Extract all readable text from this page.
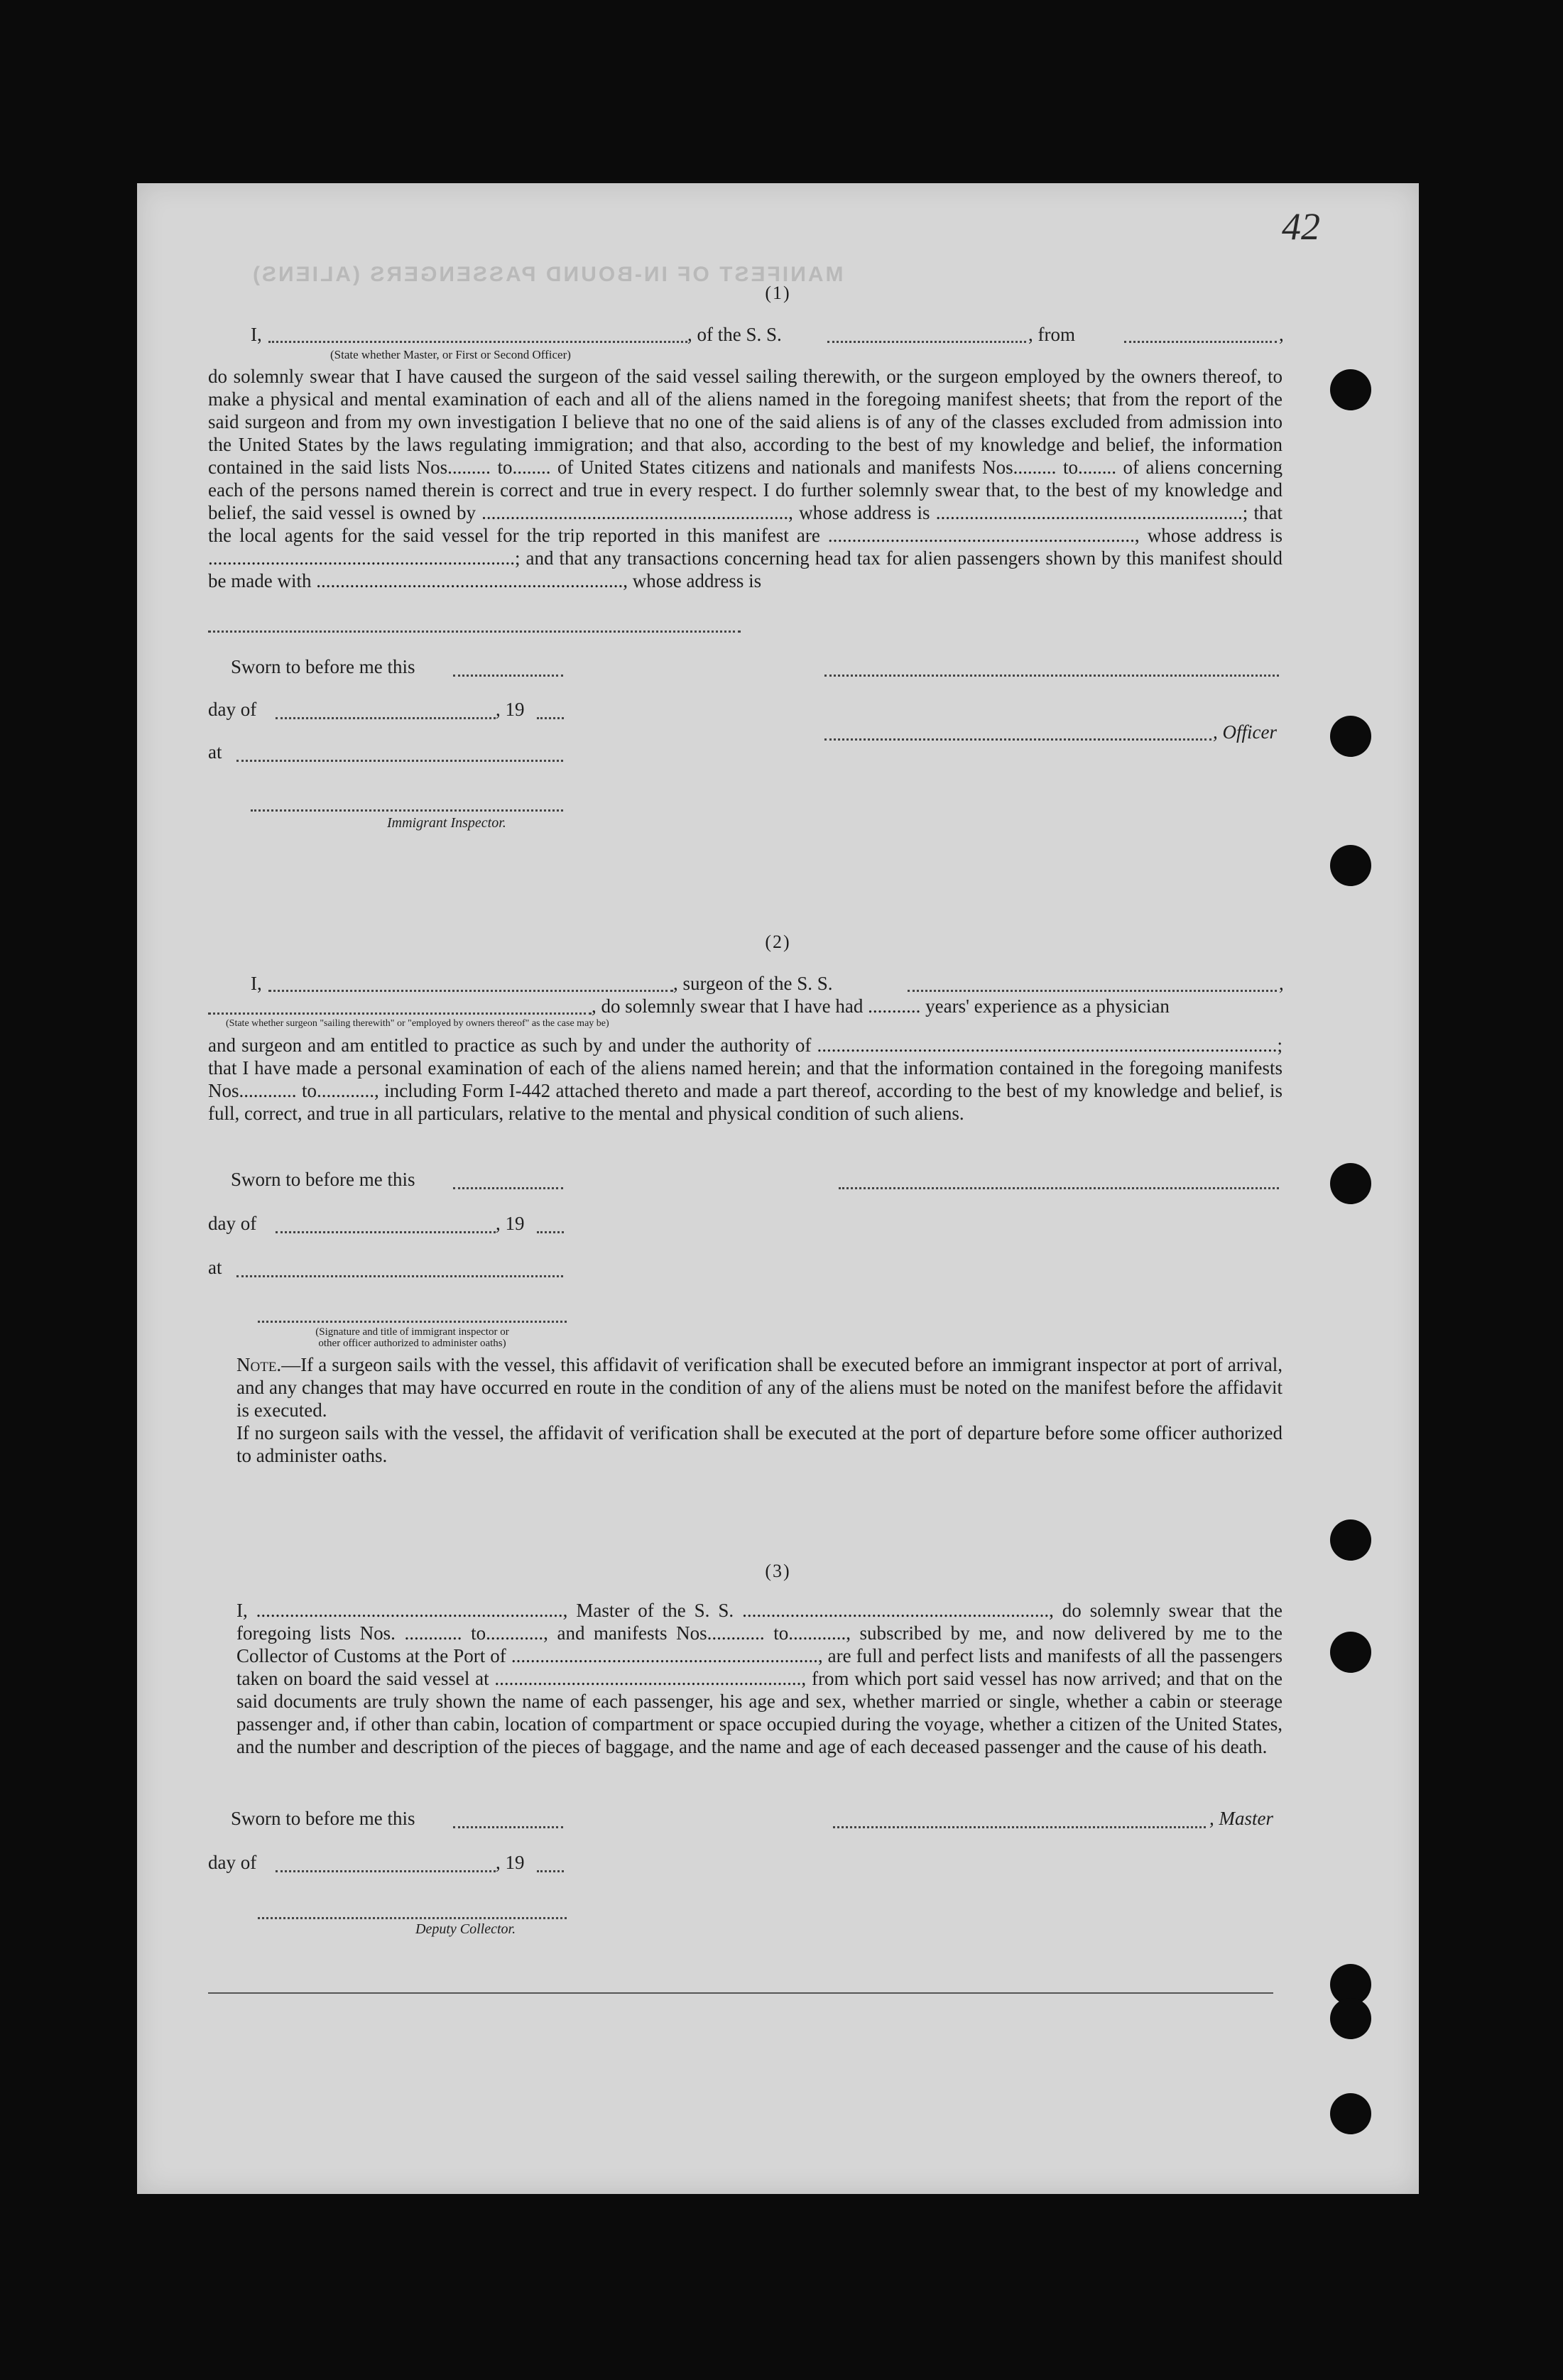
MANIFEST OF IN-BOUND PASSENGERS (ALIENS)
42
(1)
I,	, of the S. S.	, from	,
(State whether Master, or First or Second Officer)

do solemnly swear that I have caused the surgeon of the said vessel sailing therewith, or the surgeon employed by the owners thereof, to make a physical and mental examination of each and all of the aliens named in the foregoing manifest sheets; that from the report of the said surgeon and from my own investigation I believe that no one of the said aliens is of any of the classes excluded from admission into the United States by the laws regulating immigration; and that also, according to the best of my knowledge and belief, the information contained in the said lists Nos......... to........ of United States citizens and nationals and manifests Nos......... to........ of aliens concerning each of the persons named therein is correct and true in every respect. I do further solemnly swear that, to the best of my knowledge and belief, the said vessel is owned by ................................................................, whose address is ................................................................; that the local agents for the said vessel for the trip reported in this manifest are ................................................................, whose address is ................................................................; and that any transactions concerning head tax for alien passengers shown by this manifest should be made with ................................................................, whose address is

Sworn to before me this
day of	, 19
, Officer
at
Immigrant Inspector.
(2)
I,	, surgeon of the S. S.	,
, do solemnly swear that I have had ........... years' experience as a physician
(State whether surgeon "sailing therewith" or "employed by owners thereof" as the case may be)

and surgeon and am entitled to practice as such by and under the authority of ................................................................................................; that I have made a personal examination of each of the aliens named herein; and that the information contained in the foregoing manifests Nos............ to............, including Form I-442 attached thereto and made a part thereof, according to the best of my knowledge and belief, is full, correct, and true in all particulars, relative to the mental and physical condition of such aliens.

Sworn to before me this
day of	, 19
at
(Signature and title of immigrant inspector or
other officer authorized to administer oaths)

Note.—If a surgeon sails with the vessel, this affidavit of verification shall be executed before an immigrant inspector at port of arrival, and any changes that may have occurred en route in the condition of any of the aliens must be noted on the manifest before the affidavit is executed.

If no surgeon sails with the vessel, the affidavit of verification shall be executed at the port of departure before some officer authorized to administer oaths.

(3)

I, ................................................................, Master of the S. S. ................................................................, do solemnly swear that the foregoing lists Nos. ............ to............, and manifests Nos............ to............, subscribed by me, and now delivered by me to the Collector of Customs at the Port of ................................................................, are full and perfect lists and manifests of all the passengers taken on board the said vessel at ................................................................, from which port said vessel has now arrived; and that on the said documents are truly shown the name of each passenger, his age and sex, whether married or single, whether a cabin or steerage passenger and, if other than cabin, location of compartment or space occupied during the voyage, whether a citizen of the United States, and the number and description of the pieces of baggage, and the name and age of each deceased passenger and the cause of his death.

Sworn to before me this	, Master
day of	, 19
Deputy Collector.
